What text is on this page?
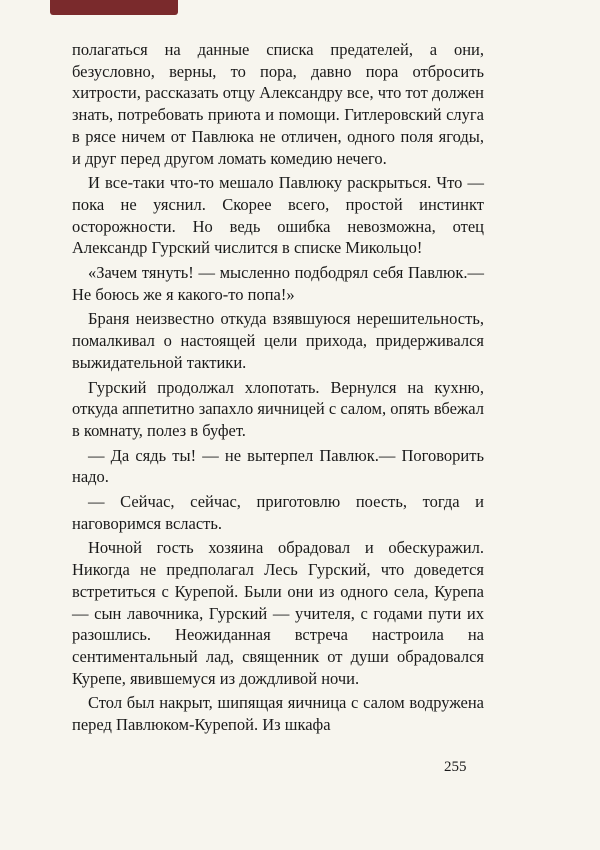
полагаться на данные списка предателей, а они, безусловно, верны, то пора, давно пора отбросить хитрости, рассказать отцу Александру все, что тот должен знать, потребовать приюта и помощи. Гитлеровский слуга в рясе ничем от Павлюка не отличен, одного поля ягоды, и друг перед другом ломать комедию нечего.

И все-таки что-то мешало Павлюку раскрыться. Что — пока не уяснил. Скорее всего, простой инстинкт осторожности. Но ведь ошибка невозможна, отец Александр Гурский числится в списке Микольцо!

«Зачем тянуть! — мысленно подбодрял себя Павлюк.— Не боюсь же я какого-то попа!»

Браня неизвестно откуда взявшуюся нерешительность, помалкивал о настоящей цели прихода, придерживался выжидательной тактики.

Гурский продолжал хлопотать. Вернулся на кухню, откуда аппетитно запахло яичницей с салом, опять вбежал в комнату, полез в буфет.

— Да сядь ты! — не вытерпел Павлюк.— Поговорить надо.

— Сейчас, сейчас, приготовлю поесть, тогда и наговоримся всласть.

Ночной гость хозяина обрадовал и обескуражил. Никогда не предполагал Лесь Гурский, что доведется встретиться с Курепой. Были они из одного села, Курепа — сын лавочника, Гурский — учителя, с годами пути их разошлись. Неожиданная встреча настроила на сентиментальный лад, священник от души обрадовался Курепе, явившемуся из дождливой ночи.

Стол был накрыт, шипящая яичница с салом водружена перед Павлюком-Курепой. Из шкафа

255
